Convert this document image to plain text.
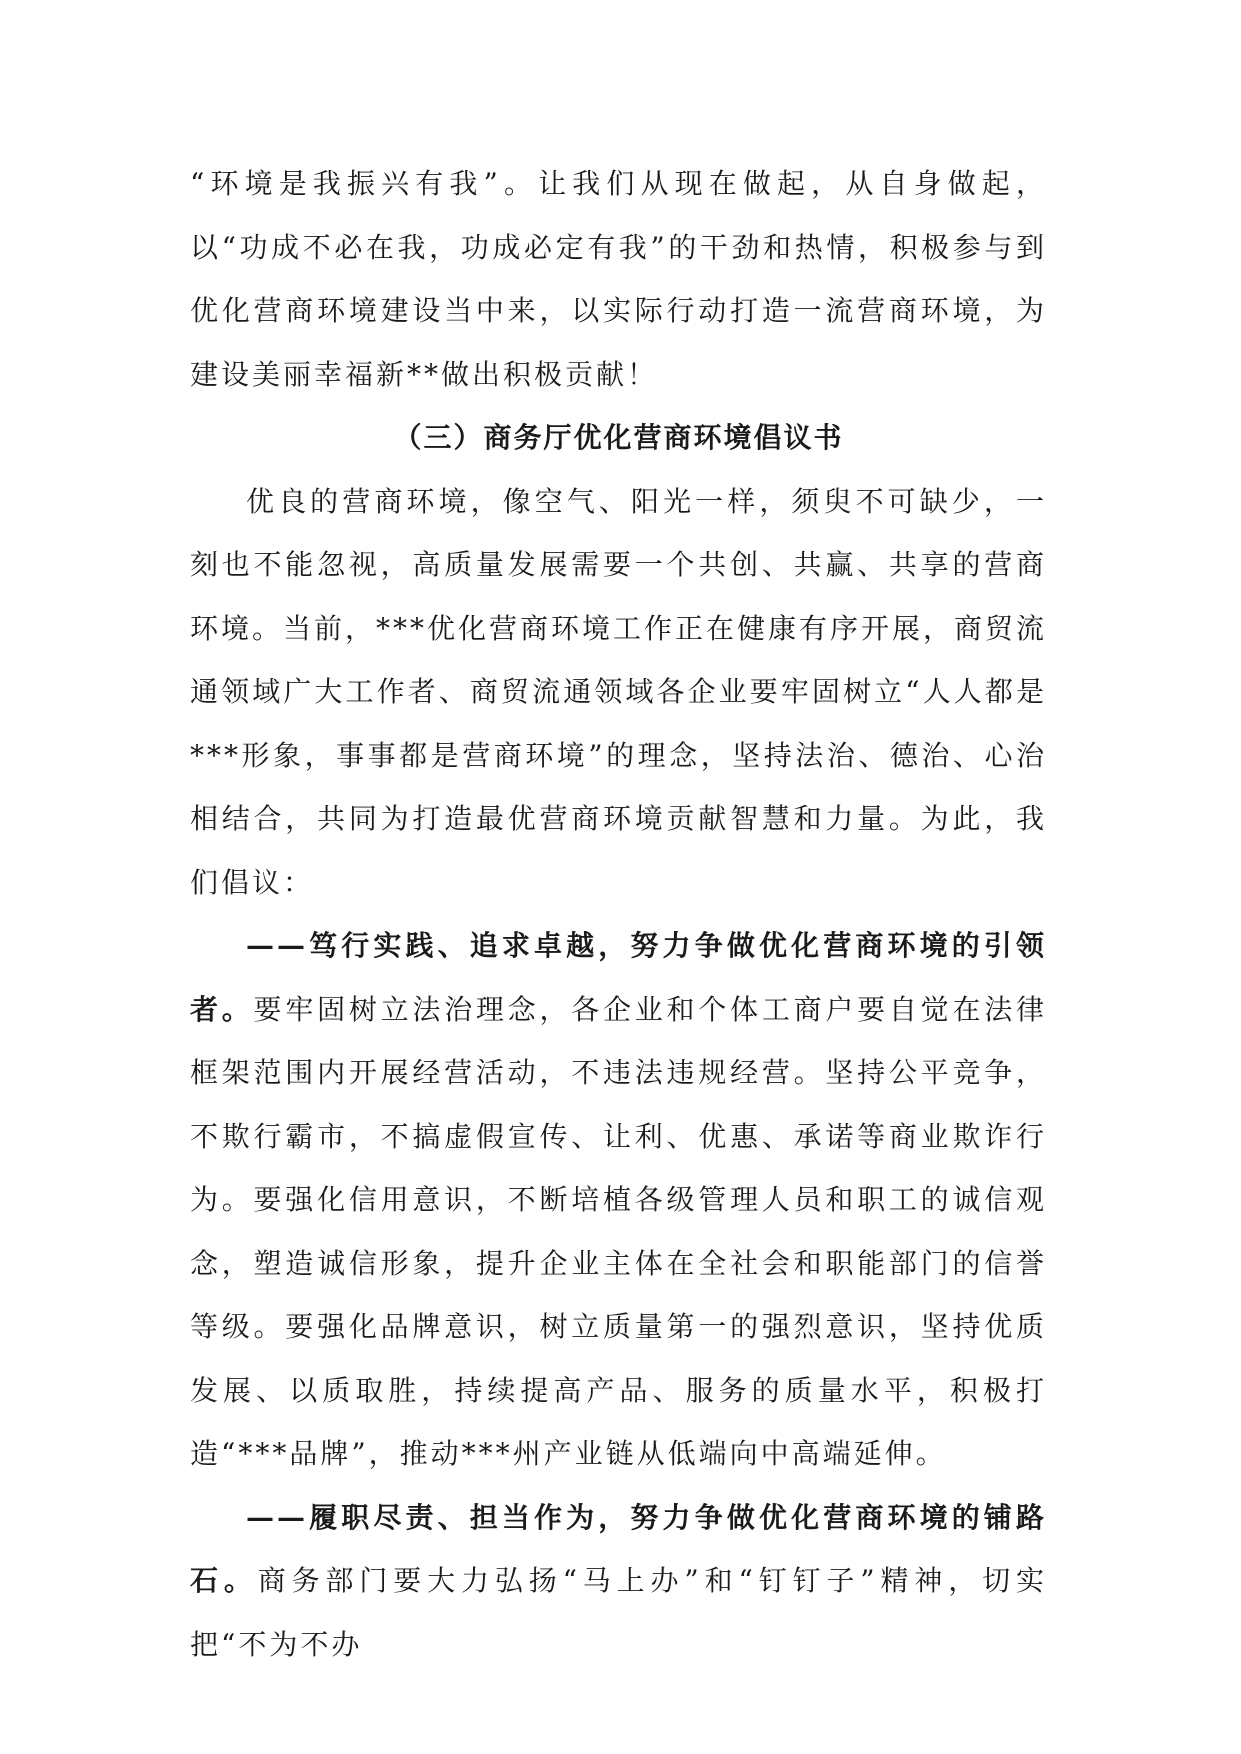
“环境是我振兴有我”。让我们从现在做起，从自身做起，以“功成不必在我，功成必定有我”的干劲和热情，积极参与到优化营商环境建设当中来，以实际行动打造一流营商环境，为建设美丽幸福新**做出积极贡献！

（三）商务厅优化营商环境倡议书

优良的营商环境，像空气、阳光一样，须臾不可缺少，一刻也不能忽视，高质量发展需要一个共创、共赢、共享的营商环境。当前，***优化营商环境工作正在健康有序开展，商贸流通领域广大工作者、商贸流通领域各企业要牢固树立“人人都是***形象，事事都是营商环境”的理念，坚持法治、德治、心治相结合，共同为打造最优营商环境贡献智慧和力量。为此，我们倡议：

——笃行实践、追求卓越，努力争做优化营商环境的引领者。要牢固树立法治理念，各企业和个体工商户要自觉在法律框架范围内开展经营活动，不违法违规经营。坚持公平竞争，不欺行霸市，不搞虚假宣传、让利、优惠、承诺等商业欺诈行为。要强化信用意识，不断培植各级管理人员和职工的诚信观念，塑造诚信形象，提升企业主体在全社会和职能部门的信誉等级。要强化品牌意识，树立质量第一的强烈意识，坚持优质发展、以质取胜，持续提高产品、服务的质量水平，积极打造“***品牌”，推动***州产业链从低端向中高端延伸。

——履职尽责、担当作为，努力争做优化营商环境的铺路石。商务部门要大力弘扬“马上办”和“钉钉子”精神，切实把“不为不办
